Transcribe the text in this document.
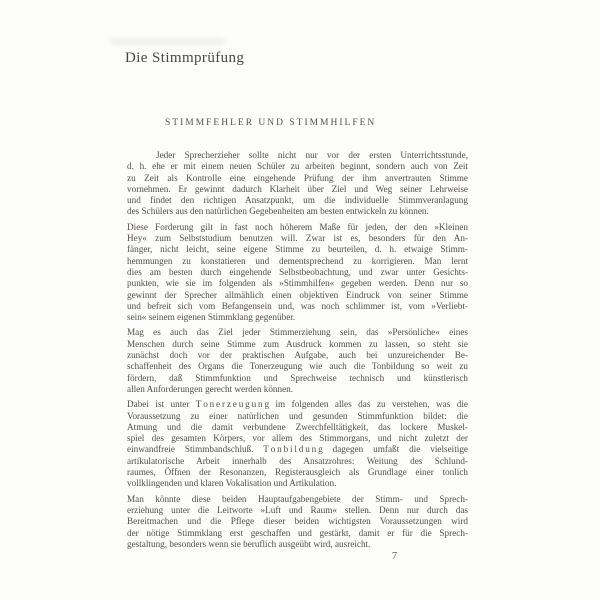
Die Stimmprüfung
STIMMFEHLER UND STIMMHILFEN
Jeder Sprecherzieher sollte nicht nur vor der ersten Unterrichtsstunde,
d. h. ehe er mit einem neuen Schüler zu arbeiten beginnt, sondern auch von Zeit
zu Zeit als Kontrolle eine eingehende Prüfung der ihm anvertrauten Stimme
vornehmen. Er gewinnt dadurch Klarheit über Ziel und Weg seiner Lehrweise
und findet den richtigen Ansatzpunkt, um die individuelle Stimmveranlagung
des Schülers aus den natürlichen Gegebenheiten am besten entwickeln zu können.
Diese Forderung gilt in fast noch höherem Maße für jeden, der den »Kleinen
Hey« zum Selbststudium benutzen will. Zwar ist es, besonders für den An-
fänger, nicht leicht, seine eigene Stimme zu beurteilen, d. h. etwaige Stimm-
hemmungen zu konstatieren und dementsprechend zu korrigieren. Man lernt
dies am besten durch eingehende Selbstbeobachtung, und zwar unter Gesichts-
punkten, wie sie im folgenden als »Stimmhilfen« gegeben werden. Denn nur so
gewinnt der Sprecher allmählich einen objektiven Eindruck von seiner Stimme
und befreit sich vom Befangensein und, was noch schlimmer ist, vom »Verliebt-
sein« seinem eigenen Stimmklang gegenüber.
Mag es auch das Ziel jeder Stimmerziehung sein, das »Persönliche« eines
Menschen durch seine Stimme zum Ausdruck kommen zu lassen, so steht sie
zunächst doch vor der praktischen Aufgabe, auch bei unzureichender Be-
schaffenheit des Organs die Tonerzeugung wie auch die Tonbildung so weit zu
fördern, daß Stimmfunktion und Sprechweise technisch und künstlerisch
allen Anforderungen gerecht werden können.
Dabei ist unter T o n e r z e u g u n g im folgenden alles das zu verstehen, was die
Voraussetzung zu einer natürlichen und gesunden Stimmfunktion bildet: die
Atmung und die damit verbundene Zwerchfelltätigkeit, das lockere Muskel-
spiel des gesamten Körpers, vor allem des Stimmorgans, und nicht zuletzt der
einwandfreie Stimmbandschluß. T o n b i l d u n g dagegen umfaßt die vielseitige
artikulatorische Arbeit innerhalb des Ansatzrohres: Weitung des Schlund-
raumes, Öffnen der Resonanzen, Registerausgleich als Grundlage einer tonlich
vollklingenden und klaren Vokalisation und Artikulation.
Man könnte diese beiden Hauptaufgabengebiete der Stimm- und Sprech-
erziehung unter die Leitworte »Luft und Raum« stellen. Denn nur durch das
Bereitmachen und die Pflege dieser beiden wichtigsten Voraussetzungen wird
der nötige Stimmklang erst geschaffen und gestärkt, damit er für die Sprech-
gestaltung, besonders wenn sie beruflich ausgeübt wird, ausreicht.
7
